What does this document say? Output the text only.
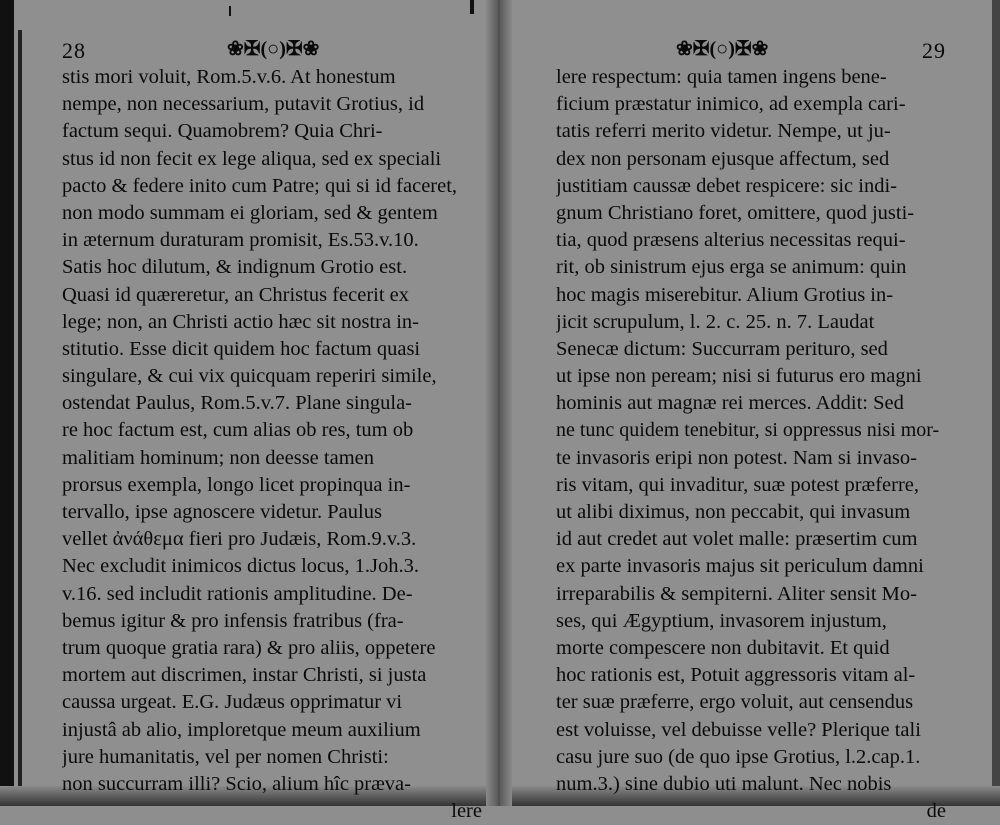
28	❀✠(○)✠❀
stis mori voluit, Rom.5.v.6. At honestum
nempe, non necessarium, putavit Grotius, id
factum sequi. Quamobrem? Quia Chri-
stus id non fecit ex lege aliqua, sed ex speciali
pacto & federe inito cum Patre; qui si id faceret,
non modo summam ei gloriam, sed & gentem
in æternum duraturam promisit, Es.53.v.10.
Satis hoc dilutum, & indignum Grotio est.
Quasi id quæreretur, an Christus fecerit ex
lege; non, an Christi actio hæc sit nostra in-
stitutio. Esse dicit quidem hoc factum quasi
singulare, & cui vix quicquam reperiri simile,
ostendat Paulus, Rom.5.v.7. Plane singula-
re hoc factum est, cum alias ob res, tum ob
malitiam hominum; non deesse tamen
prorsus exempla, longo licet propinqua in-
tervallo, ipse agnoscere videtur. Paulus
vellet ἀνάθεμα fieri pro Judæis, Rom.9.v.3.
Nec excludit inimicos dictus locus, 1.Joh.3.
v.16. sed includit rationis amplitudine. De-
bemus igitur & pro infensis fratribus (fra-
trum quoque gratia rara) & pro aliis, oppetere
mortem aut discrimen, instar Christi, si justa
caussa urgeat. E.G. Judæus opprimatur vi
injustâ ab alio, imploretque meum auxilium
jure humanitatis, vel per nomen Christi:
non succurram illi? Scio, alium hîc præva-
lere
❀✠(○)✠❀	29
lere respectum: quia tamen ingens bene-
ficium præstatur inimico, ad exempla cari-
tatis referri merito videtur. Nempe, ut ju-
dex non personam ejusque affectum, sed
justitiam caussæ debet respicere: sic indi-
gnum Christiano foret, omittere, quod justi-
tia, quod præsens alterius necessitas requi-
rit, ob sinistrum ejus erga se animum: quin
hoc magis miserebitur. Alium Grotius in-
jicit scrupulum, l. 2. c. 25. n. 7. Laudat
Senecæ dictum: Succurram perituro, sed
ut ipse non peream; nisi si futurus ero magni
hominis aut magnæ rei merces. Addit: Sed
ne tunc quidem tenebitur, si oppressus nisi mor-
te invasoris eripi non potest. Nam si invaso-
ris vitam, qui invaditur, suæ potest præferre,
ut alibi diximus, non peccabit, qui invasum
id aut credet aut volet malle: præsertim cum
ex parte invasoris majus sit periculum damni
irreparabilis & sempiterni. Aliter sensit Mo-
ses, qui Ægyptium, invasorem injustum,
morte compescere non dubitavit. Et quid
hoc rationis est, Potuit aggressoris vitam al-
ter suæ præferre, ergo voluit, aut censendus
est voluisse, vel debuisse velle? Plerique tali
casu jure suo (de quo ipse Grotius, l.2.cap.1.
num.3.) sine dubio uti malunt. Nec nobis
de
